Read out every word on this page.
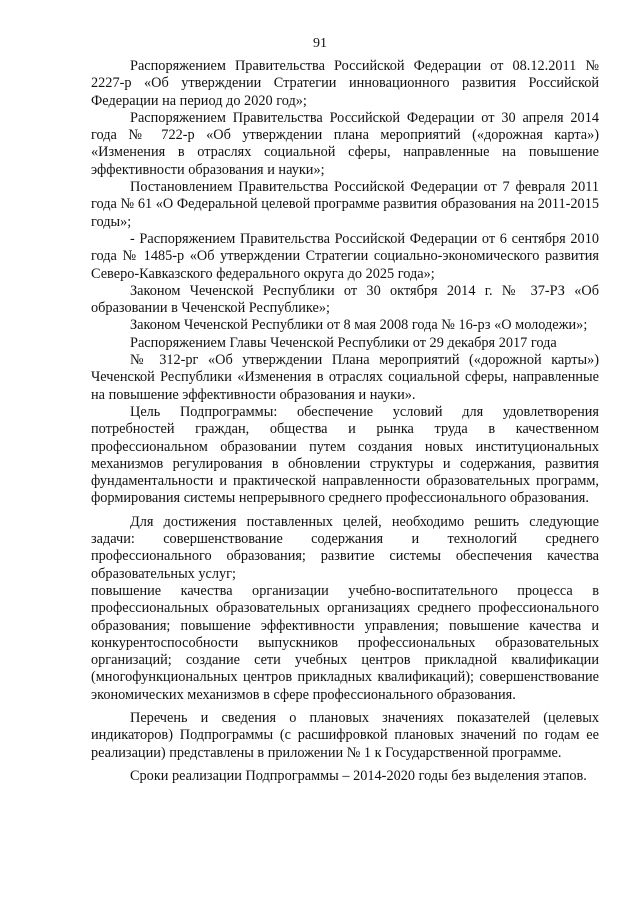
91

Распоряжением Правительства Российской Федерации от 08.12.2011 № 2227-р «Об утверждении Стратегии инновационного развития Российской Федерации на период до 2020 год»;

Распоряжением Правительства Российской Федерации от 30 апреля 2014 года № 722-р «Об утверждении плана мероприятий («дорожная карта») «Изменения в отраслях социальной сферы, направленные на повышение эффективности образования и науки»;

Постановлением Правительства Российской Федерации от 7 февраля 2011 года № 61 «О Федеральной целевой программе развития образования на 2011-2015 годы»;

- Распоряжением Правительства Российской Федерации от 6 сентября 2010 года № 1485-р «Об утверждении Стратегии социально-экономического развития Северо-Кавказского федерального округа до 2025 года»;

Законом Чеченской Республики от 30 октября 2014 г. № 37-РЗ «Об образовании в Чеченской Республике»;

Законом Чеченской Республики от 8 мая 2008 года № 16-рз «О молодежи»;

Распоряжением Главы Чеченской Республики от 29 декабря 2017 года

№ 312-рг «Об утверждении Плана мероприятий («дорожной карты») Чеченской Республики «Изменения в отраслях социальной сферы, направленные на повышение эффективности образования и науки».

Цель Подпрограммы: обеспечение условий для удовлетворения потребностей граждан, общества и рынка труда в качественном профессиональном образовании путем создания новых институциональных механизмов регулирования в обновлении структуры и содержания, развития фундаментальности и практической направленности образовательных программ, формирования системы непрерывного среднего профессионального образования.

Для достижения поставленных целей, необходимо решить следующие задачи: совершенствование содержания и технологий среднего профессионального образования; развитие системы обеспечения качества образовательных услуг;

повышение качества организации учебно-воспитательного процесса в профессиональных образовательных организациях среднего профессионального образования; повышение эффективности управления; повышение качества и конкурентоспособности выпускников профессиональных образовательных организаций; создание сети учебных центров прикладной квалификации (многофункциональных центров прикладных квалификаций); совершенствование экономических механизмов в сфере профессионального образования.

Перечень и сведения о плановых значениях показателей (целевых индикаторов) Подпрограммы (с расшифровкой плановых значений по годам ее реализации) представлены в приложении № 1 к Государственной программе.

Сроки реализации Подпрограммы – 2014-2020 годы без выделения этапов.
